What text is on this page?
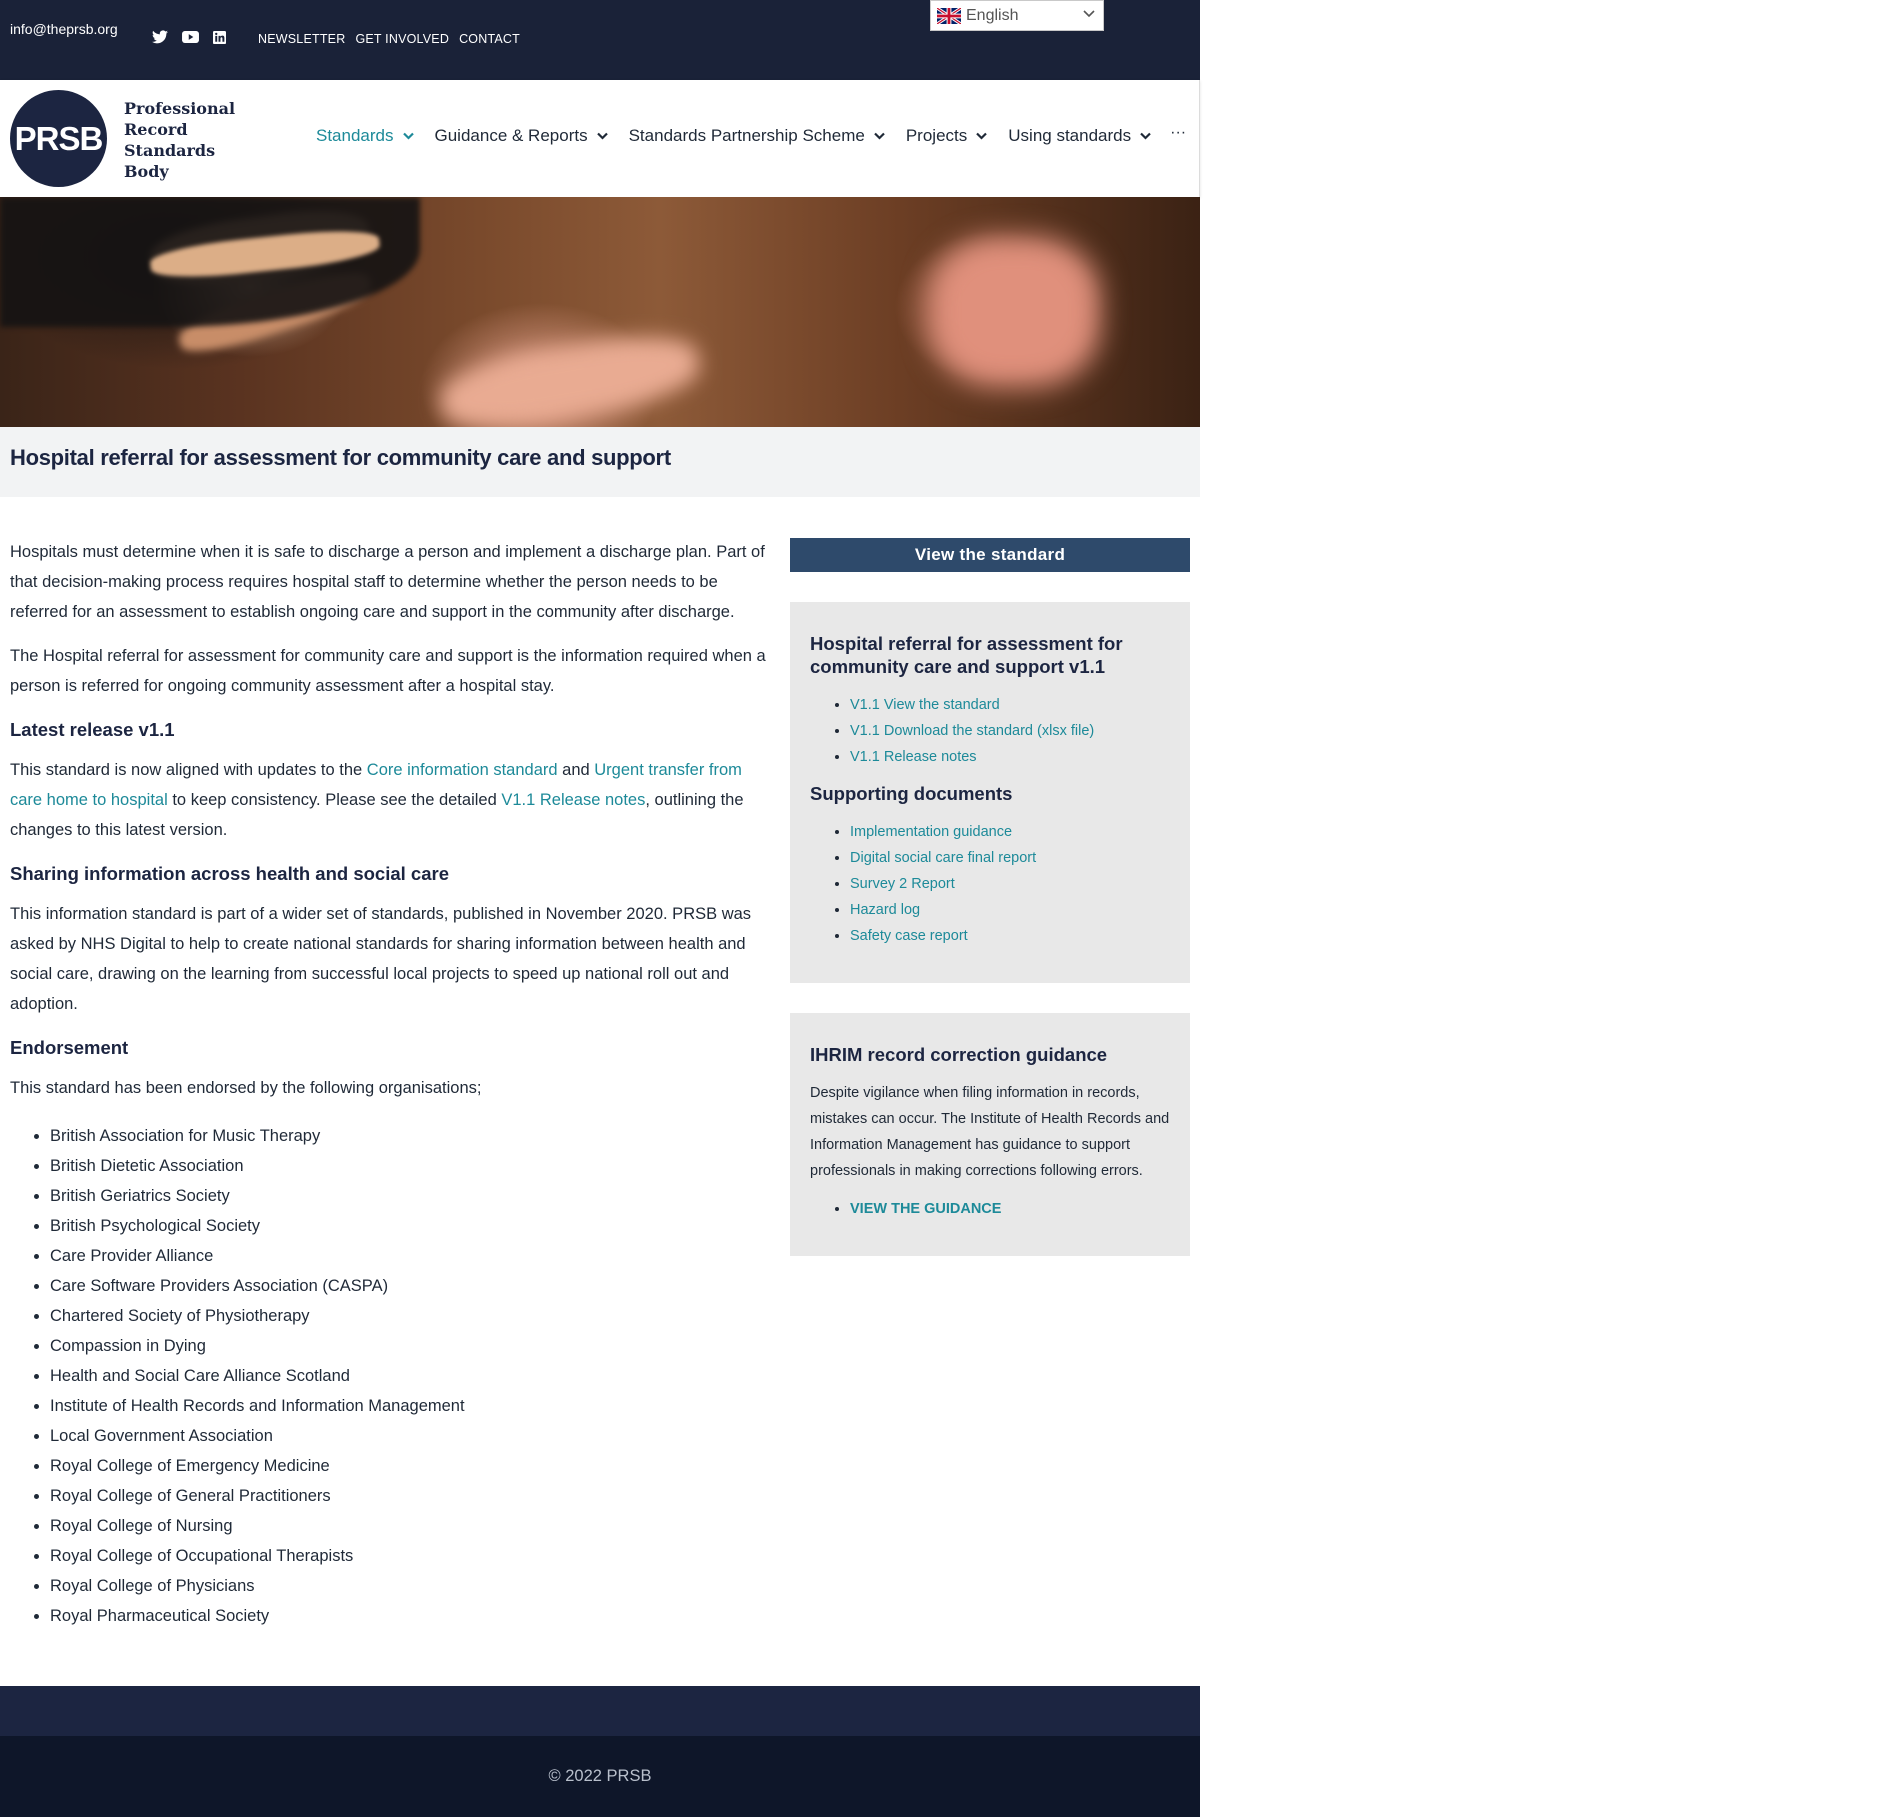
info@theprsb.org
NEWSLETTER GET INVOLVED CONTACT
English
PRSB
Professional
Record
Standards
Body
Standards Guidance & Reports Standards Partnership Scheme Projects Using standards ···
Hospital referral for assessment for community care and support

Hospitals must determine when it is safe to discharge a person and implement a discharge plan. Part of that decision-making process requires hospital staff to determine whether the person needs to be referred for an assessment to establish ongoing care and support in the community after discharge.

The Hospital referral for assessment for community care and support is the information required when a person is referred for ongoing community assessment after a hospital stay.

Latest release v1.1

This standard is now aligned with updates to the Core information standard and Urgent transfer from care home to hospital to keep consistency. Please see the detailed V1.1 Release notes, outlining the changes to this latest version.

Sharing information across health and social care

This information standard is part of a wider set of standards, published in November 2020. PRSB was asked by NHS Digital to help to create national standards for sharing information between health and social care, drawing on the learning from successful local projects to speed up national roll out and adoption.

Endorsement

This standard has been endorsed by the following organisations;

• British Association for Music Therapy
• British Dietetic Association
• British Geriatrics Society
• British Psychological Society
• Care Provider Alliance
• Care Software Providers Association (CASPA)
• Chartered Society of Physiotherapy
• Compassion in Dying
• Health and Social Care Alliance Scotland
• Institute of Health Records and Information Management
• Local Government Association
• Royal College of Emergency Medicine
• Royal College of General Practitioners
• Royal College of Nursing
• Royal College of Occupational Therapists
• Royal College of Physicians
• Royal Pharmaceutical Society
View the standard
Hospital referral for assessment for community care and support v1.1
• V1.1 View the standard
• V1.1 Download the standard (xlsx file)
• V1.1 Release notes
Supporting documents
• Implementation guidance
• Digital social care final report
• Survey 2 Report
• Hazard log
• Safety case report
IHRIM record correction guidance

Despite vigilance when filing information in records, mistakes can occur. The Institute of Health Records and Information Management has guidance to support professionals in making corrections following errors.

• VIEW THE GUIDANCE
© 2022 PRSB
